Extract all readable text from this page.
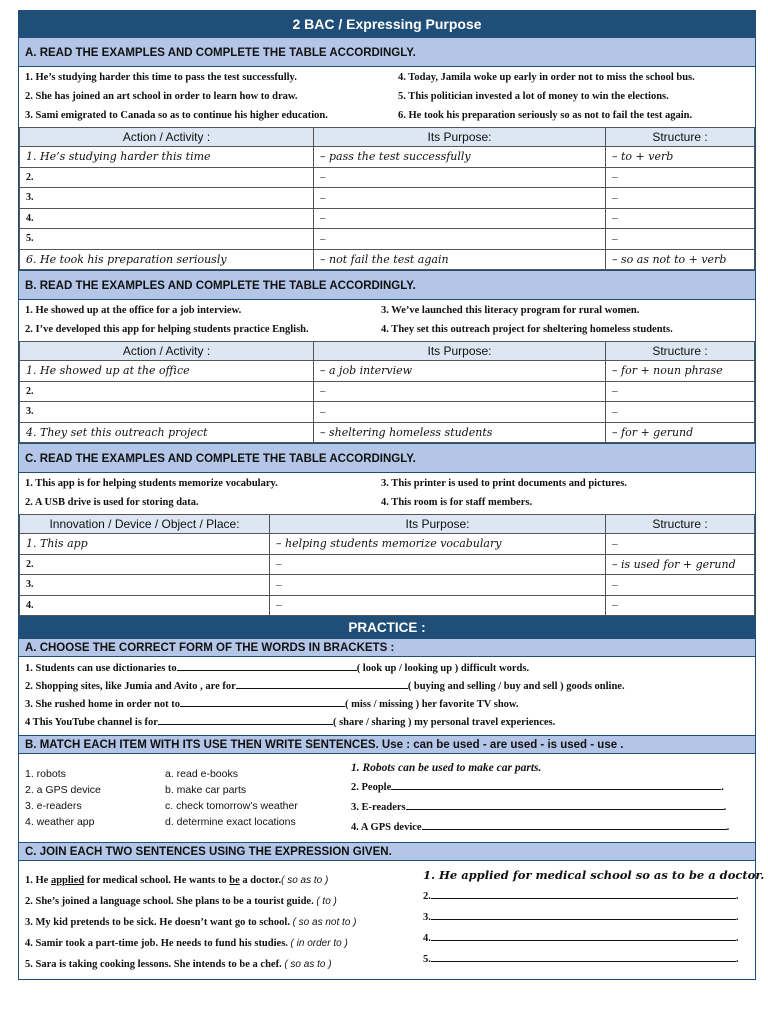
2 BAC / Expressing Purpose
A. READ THE EXAMPLES AND COMPLETE THE TABLE ACCORDINGLY.
1. He’s studying harder this time to pass the test successfully.	4. Today, Jamila woke up early in order not to miss the school bus.
2. She has joined an art school in order to learn how to draw.	5. This politician invested a lot of money to win the elections.
3. Sami emigrated to Canada so as to continue his higher education.	6. He took his preparation seriously so as not to fail the test again.
Action / Activity :	Its Purpose:	Structure :
1. He’s studying harder this time	– pass the test successfully	– to + verb
2.	–	–
3.	–	–
4.	–	–
5.	–	–
6. He took his preparation seriously	– not fail the test again	– so as not to + verb
B. READ THE EXAMPLES AND COMPLETE THE TABLE ACCORDINGLY.
1. He showed up at the office for a job interview.	3. We’ve launched this literacy program for rural women.
2. I’ve developed this app for helping students practice English.	4. They set this outreach project for sheltering homeless students.
Action / Activity :	Its Purpose:	Structure :
1. He showed up at the office	– a job interview	– for + noun phrase
2.	–	–
3.	–	–
4. They set this outreach project	– sheltering homeless students	– for + gerund
C. READ THE EXAMPLES AND COMPLETE THE TABLE ACCORDINGLY.
1. This app is for helping students memorize vocabulary.	3. This printer is used to print documents and pictures.
2. A USB drive is used for storing data.	4. This room is for staff members.
Innovation / Device / Object / Place:	Its Purpose:	Structure :
1. This app	– helping students memorize vocabulary	–
2.	–	– is used for + gerund
3.	–	–
4.	–	–
PRACTICE :
A. CHOOSE THE CORRECT FORM OF THE WORDS IN BRACKETS :
1. Students can use dictionaries to	( look up / looking up ) difficult words.
2. Shopping sites, like Jumia and Avito , are for	( buying and selling / buy and sell ) goods online.
3. She rushed home in order not to	( miss / missing ) her favorite TV show.
4 This YouTube channel is for	( share / sharing ) my personal travel experiences.
B. MATCH EACH ITEM WITH ITS USE THEN WRITE SENTENCES. Use : can be used - are used - is used - use .
1. robots
2. a GPS device
3. e-readers
4. weather app
a. read e-books
b. make car parts
c. check tomorrow’s weather
d. determine exact locations
1. Robots can be used to make car parts.
2. People	.
3. E-readers	.
4. A GPS device	.
C. JOIN EACH TWO SENTENCES USING THE EXPRESSION GIVEN.
1. He applied for medical school. He wants to be a doctor.( so as to )
2. She’s joined a language school. She plans to be a tourist guide. ( to )
3. My kid pretends to be sick. He doesn’t want go to school. ( so as not to )
4. Samir took a part-time job. He needs to fund his studies. ( in order to )
5. Sara is taking cooking lessons. She intends to be a chef. ( so as to )
1. He applied for medical school so as to be a doctor.
2.	.
3.	.
4.	.
5.	.
